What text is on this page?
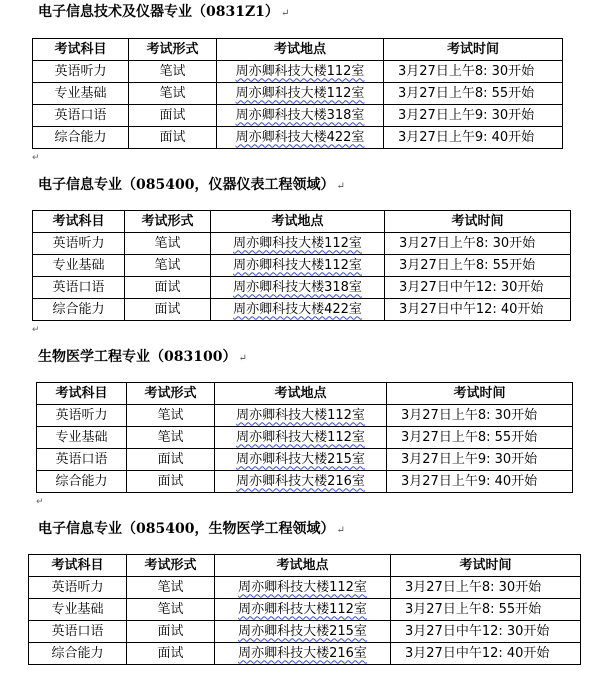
电子信息技术及仪器专业（0831Z1） ↵
考试科目	考试形式	考试地点	考试时间
英语听力	笔试	周亦卿科技大楼112室	3月27日上午8: 30开始
专业基础	笔试	周亦卿科技大楼112室	3月27日上午8: 55开始
英语口语	面试	周亦卿科技大楼318室	3月27日上午9: 30开始
综合能力	面试	周亦卿科技大楼422室	3月27日上午9: 40开始
↵
电子信息专业（085400，仪器仪表工程领域） ↵
考试科目	考试形式	考试地点	考试时间
英语听力	笔试	周亦卿科技大楼112室	3月27日上午8: 30开始
专业基础	笔试	周亦卿科技大楼112室	3月27日上午8: 55开始
英语口语	面试	周亦卿科技大楼318室	3月27日中午12: 30开始
综合能力	面试	周亦卿科技大楼422室	3月27日中午12: 40开始
↵
生物医学工程专业（083100） ↵
考试科目	考试形式	考试地点	考试时间
英语听力	笔试	周亦卿科技大楼112室	3月27日上午8: 30开始
专业基础	笔试	周亦卿科技大楼112室	3月27日上午8: 55开始
英语口语	面试	周亦卿科技大楼215室	3月27日上午9: 30开始
综合能力	面试	周亦卿科技大楼216室	3月27日上午9: 40开始
↵
电子信息专业（085400，生物医学工程领域） ↵
考试科目	考试形式	考试地点	考试时间
英语听力	笔试	周亦卿科技大楼112室	3月27日上午8: 30开始
专业基础	笔试	周亦卿科技大楼112室	3月27日上午8: 55开始
英语口语	面试	周亦卿科技大楼215室	3月27日中午12: 30开始
综合能力	面试	周亦卿科技大楼216室	3月27日中午12: 40开始
